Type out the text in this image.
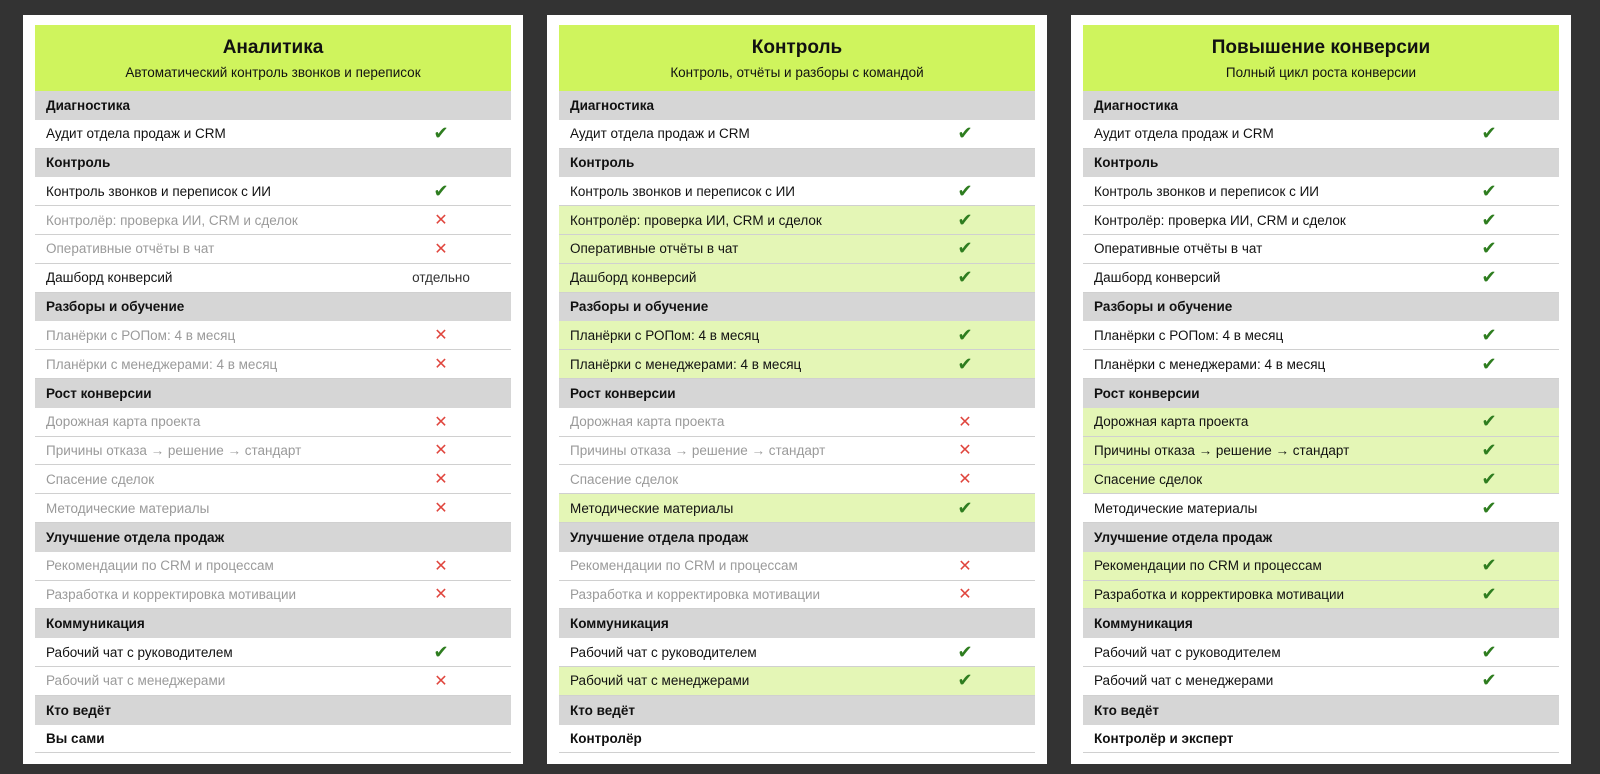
Аналитика
Автоматический контроль звонков и переписок
Диагностика
Аудит отдела продаж и CRM	✔
Контроль
Контроль звонков и переписок с ИИ	✔
Контролёр: проверка ИИ, CRM и сделок	✕
Оперативные отчёты в чат	✕
Дашборд конверсий	отдельно
Разборы и обучение
Планёрки с РОПом: 4 в месяц	✕
Планёрки с менеджерами: 4 в месяц	✕
Рост конверсии
Дорожная карта проекта	✕
Причины отказа → решение → стандарт	✕
Спасение сделок	✕
Методические материалы	✕
Улучшение отдела продаж
Рекомендации по CRM и процессам	✕
Разработка и корректировка мотивации	✕
Коммуникация
Рабочий чат с руководителем	✔
Рабочий чат с менеджерами	✕
Кто ведёт
Вы сами
Контроль
Контроль, отчёты и разборы с командой
Диагностика
Аудит отдела продаж и CRM	✔
Контроль
Контроль звонков и переписок с ИИ	✔
Контролёр: проверка ИИ, CRM и сделок	✔
Оперативные отчёты в чат	✔
Дашборд конверсий	✔
Разборы и обучение
Планёрки с РОПом: 4 в месяц	✔
Планёрки с менеджерами: 4 в месяц	✔
Рост конверсии
Дорожная карта проекта	✕
Причины отказа → решение → стандарт	✕
Спасение сделок	✕
Методические материалы	✔
Улучшение отдела продаж
Рекомендации по CRM и процессам	✕
Разработка и корректировка мотивации	✕
Коммуникация
Рабочий чат с руководителем	✔
Рабочий чат с менеджерами	✔
Кто ведёт
Контролёр
Повышение конверсии
Полный цикл роста конверсии
Диагностика
Аудит отдела продаж и CRM	✔
Контроль
Контроль звонков и переписок с ИИ	✔
Контролёр: проверка ИИ, CRM и сделок	✔
Оперативные отчёты в чат	✔
Дашборд конверсий	✔
Разборы и обучение
Планёрки с РОПом: 4 в месяц	✔
Планёрки с менеджерами: 4 в месяц	✔
Рост конверсии
Дорожная карта проекта	✔
Причины отказа → решение → стандарт	✔
Спасение сделок	✔
Методические материалы	✔
Улучшение отдела продаж
Рекомендации по CRM и процессам	✔
Разработка и корректировка мотивации	✔
Коммуникация
Рабочий чат с руководителем	✔
Рабочий чат с менеджерами	✔
Кто ведёт
Контролёр и эксперт
